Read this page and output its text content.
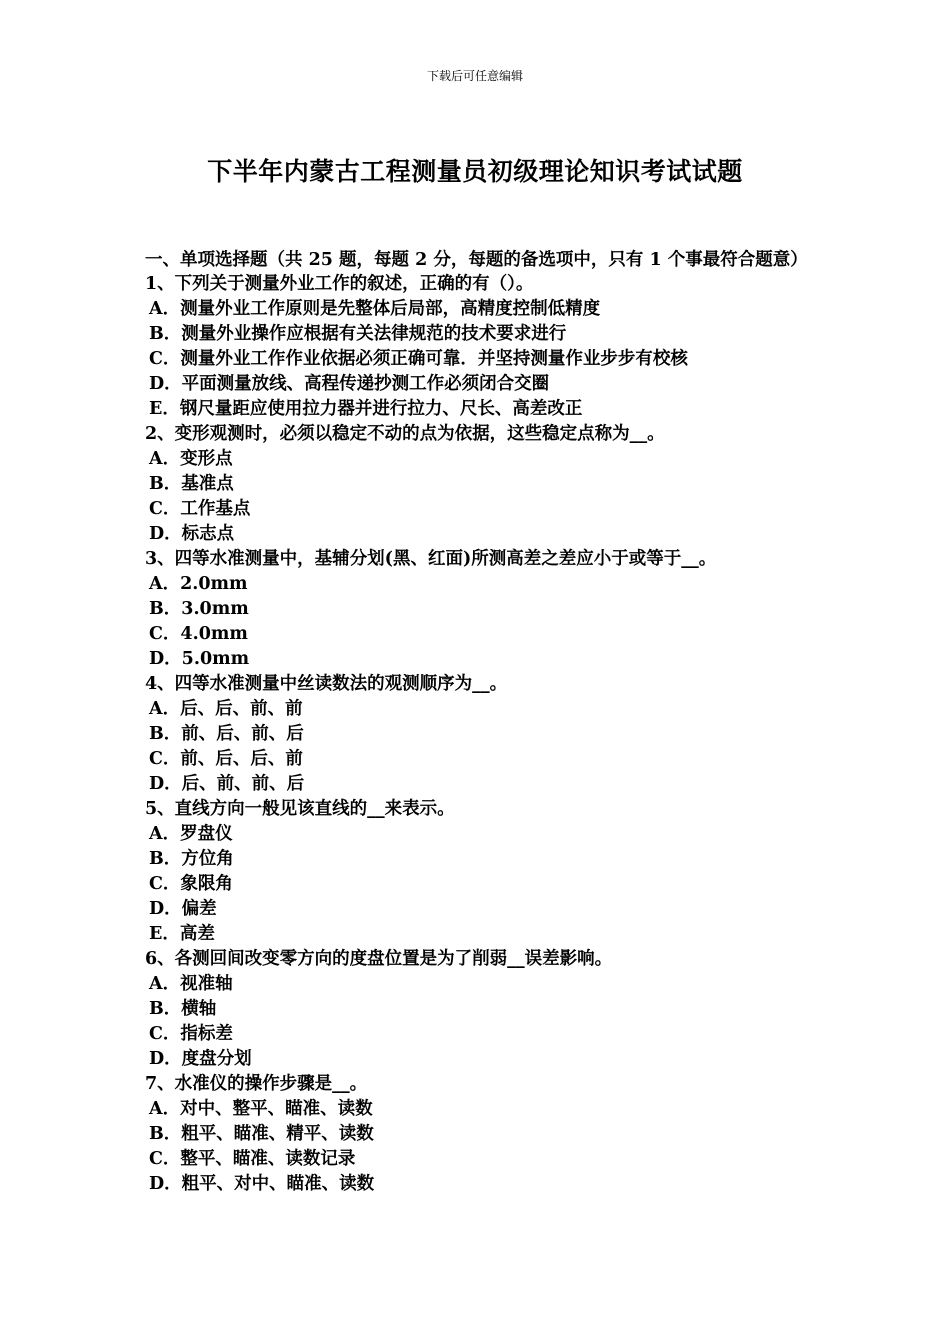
下载后可任意编辑
下半年内蒙古工程测量员初级理论知识考试试题

一、单项选择题（共 25 题，每题 2 分，每题的备选项中，只有 1 个事最符合题意）

1、下列关于测量外业工作的叙述，正确的有（）。

A．测量外业工作原则是先整体后局部，高精度控制低精度

B．测量外业操作应根据有关法律规范的技术要求进行

C．测量外业工作作业依据必须正确可靠．并坚持测量作业步步有校核

D．平面测量放线、高程传递抄测工作必须闭合交圈

E．钢尺量距应使用拉力器并进行拉力、尺长、高差改正

2、变形观测时，必须以稳定不动的点为依据，这些稳定点称为__。

A．变形点

B．基准点

C．工作基点

D．标志点

3、四等水准测量中，基辅分划(黑、红面)所测高差之差应小于或等于__。

A．2.0mm

B．3.0mm

C．4.0mm

D．5.0mm

4、四等水准测量中丝读数法的观测顺序为__。

A．后、后、前、前

B．前、后、前、后

C．前、后、后、前

D．后、前、前、后

5、直线方向一般见该直线的__来表示。

A．罗盘仪

B．方位角

C．象限角

D．偏差

E．高差

6、各测回间改变零方向的度盘位置是为了削弱__误差影响。

A．视准轴

B．横轴

C．指标差

D．度盘分划

7、水准仪的操作步骤是__。

A．对中、整平、瞄准、读数

B．粗平、瞄准、精平、读数

C．整平、瞄准、读数记录

D．粗平、对中、瞄准、读数
